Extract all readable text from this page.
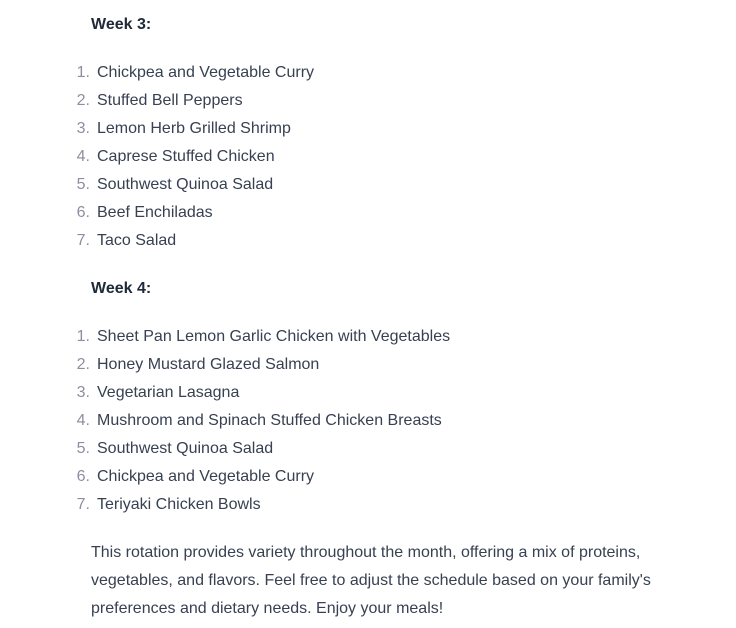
Week 3:

1. Chickpea and Vegetable Curry
2. Stuffed Bell Peppers
3. Lemon Herb Grilled Shrimp
4. Caprese Stuffed Chicken
5. Southwest Quinoa Salad
6. Beef Enchiladas
7. Taco Salad

Week 4:

1. Sheet Pan Lemon Garlic Chicken with Vegetables
2. Honey Mustard Glazed Salmon
3. Vegetarian Lasagna
4. Mushroom and Spinach Stuffed Chicken Breasts
5. Southwest Quinoa Salad
6. Chickpea and Vegetable Curry
7. Teriyaki Chicken Bowls

This rotation provides variety throughout the month, offering a mix of proteins, vegetables, and flavors. Feel free to adjust the schedule based on your family's preferences and dietary needs. Enjoy your meals!
